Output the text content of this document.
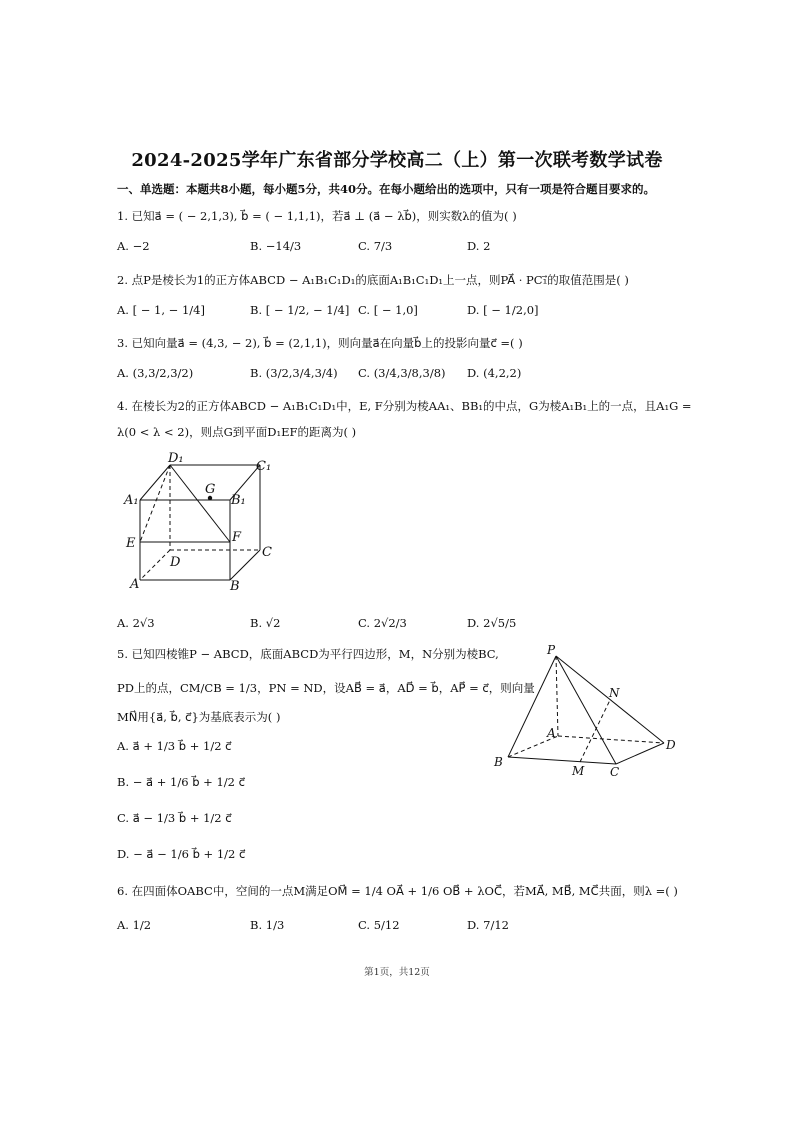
2024-2025学年广东省部分学校高二（上）第一次联考数学试卷
一、单选题：本题共8小题，每小题5分，共40分。在每小题给出的选项中，只有一项是符合题目要求的。
1. 已知a⃗ = ( − 2,1,3), b⃗ = ( − 1,1,1)，若a⃗ ⊥ (a⃗ − λb⃗)，则实数λ的值为( )
A. −2	B. −14/3	C. 7/3	D. 2
2. 点P是棱长为1的正方体ABCD − A₁B₁C₁D₁的底面A₁B₁C₁D₁上一点，则PA⃗ · PC₁⃗的取值范围是( )
A. [ − 1, − 1/4]	B. [ − 1/2, − 1/4] C. [ − 1,0]	D. [ − 1/2,0]
3. 已知向量a⃗ = (4,3, − 2), b⃗ = (2,1,1)，则向量a⃗在向量b⃗上的投影向量c⃗ =( )
A. (3,3/2,3/2)	B. (3/2,3/4,3/4) C. (3/4,3/8,3/8) D. (4,2,2)
4. 在棱长为2的正方体ABCD − A₁B₁C₁D₁中，E, F分别为棱AA₁、BB₁的中点，G为棱A₁B₁上的一点，且A₁G =
λ(0 < λ < 2)，则点G到平面D₁EF的距离为( )
D₁
C₁
A₁
G
B₁
E	F
D
C
A	B
A. 2√3	B. √2	C. 2√2/3	D. 2√5/5
5. 已知四棱锥P − ABCD，底面ABCD为平行四边形，M，N分别为棱BC,
PD上的点，CM/CB = 1/3，PN = ND，设AB⃗ = a⃗，AD⃗ = b⃗，AP⃗ = c⃗，则向量
MN⃗用{a⃗, b⃗, c⃗}为基底表示为( )
A. a⃗ + 1/3 b⃗ + 1/2 c⃗
B. − a⃗ + 1/6 b⃗ + 1/2 c⃗
C. a⃗ − 1/3 b⃗ + 1/2 c⃗
D. − a⃗ − 1/6 b⃗ + 1/2 c⃗
P
N
A
D
B
M C
6. 在四面体OABC中，空间的一点M满足OM⃗ = 1/4 OA⃗ + 1/6 OB⃗ + λOC⃗，若MA⃗, MB⃗, MC⃗共面，则λ =( )
A. 1/2	B. 1/3	C. 5/12	D. 7/12
第1页，共12页
